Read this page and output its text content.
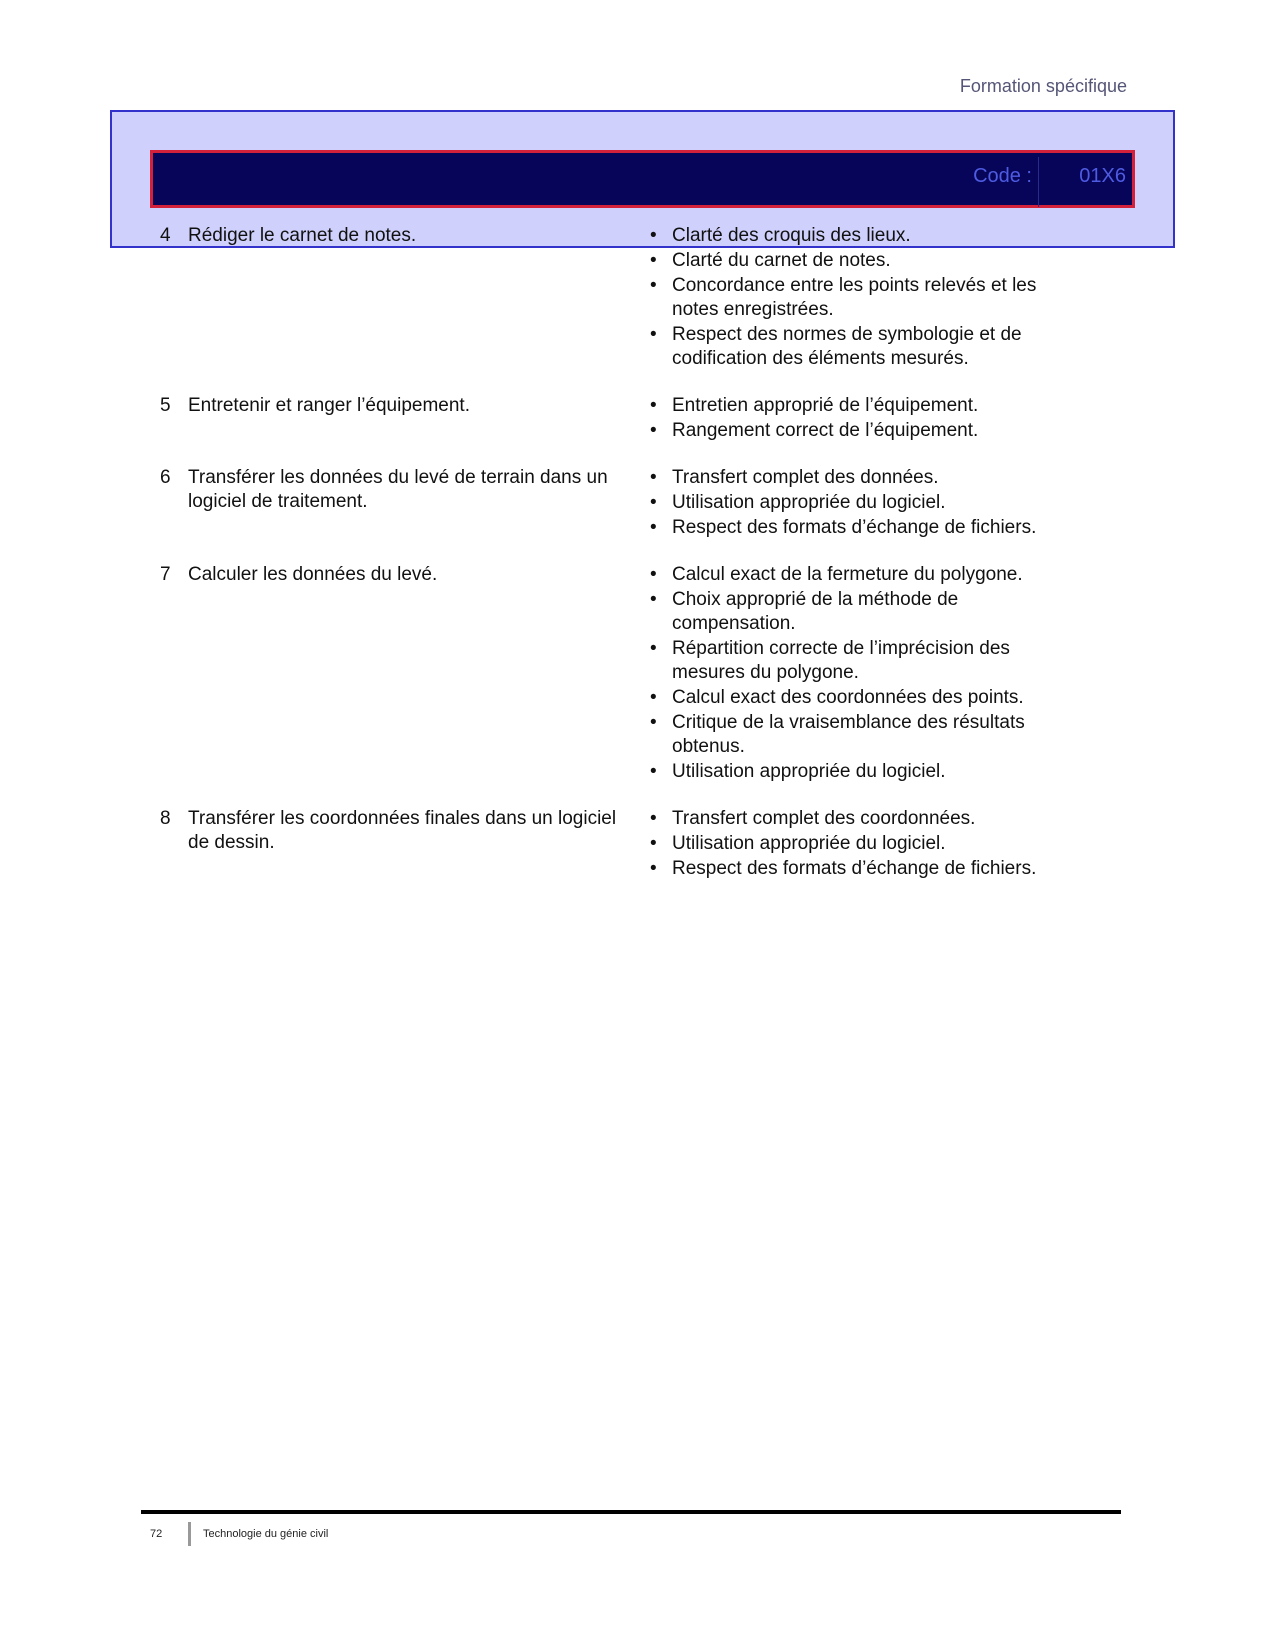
Formation spécifique
Code : 01X6
4 Rédiger le carnet de notes.	• Clarté des croquis des lieux.
• Clarté du carnet de notes.
• Concordance entre les points relevés et les notes enregistrées.
• Respect des normes de symbologie et de codification des éléments mesurés.
5 Entretenir et ranger l’équipement.	• Entretien approprié de l’équipement.
• Rangement correct de l’équipement.
6 Transférer les données du levé de terrain dans un logiciel de traitement.
• Transfert complet des données.
• Utilisation appropriée du logiciel.
• Respect des formats d’échange de fichiers.
7 Calculer les données du levé.	• Calcul exact de la fermeture du polygone.
• Choix approprié de la méthode de compensation.
• Répartition correcte de l’imprécision des mesures du polygone.
• Calcul exact des coordonnées des points.
• Critique de la vraisemblance des résultats obtenus.
• Utilisation appropriée du logiciel.
8 Transférer les coordonnées finales dans un logiciel de dessin.
• Transfert complet des coordonnées.
• Utilisation appropriée du logiciel.
• Respect des formats d’échange de fichiers.
72	Technologie du génie civil
